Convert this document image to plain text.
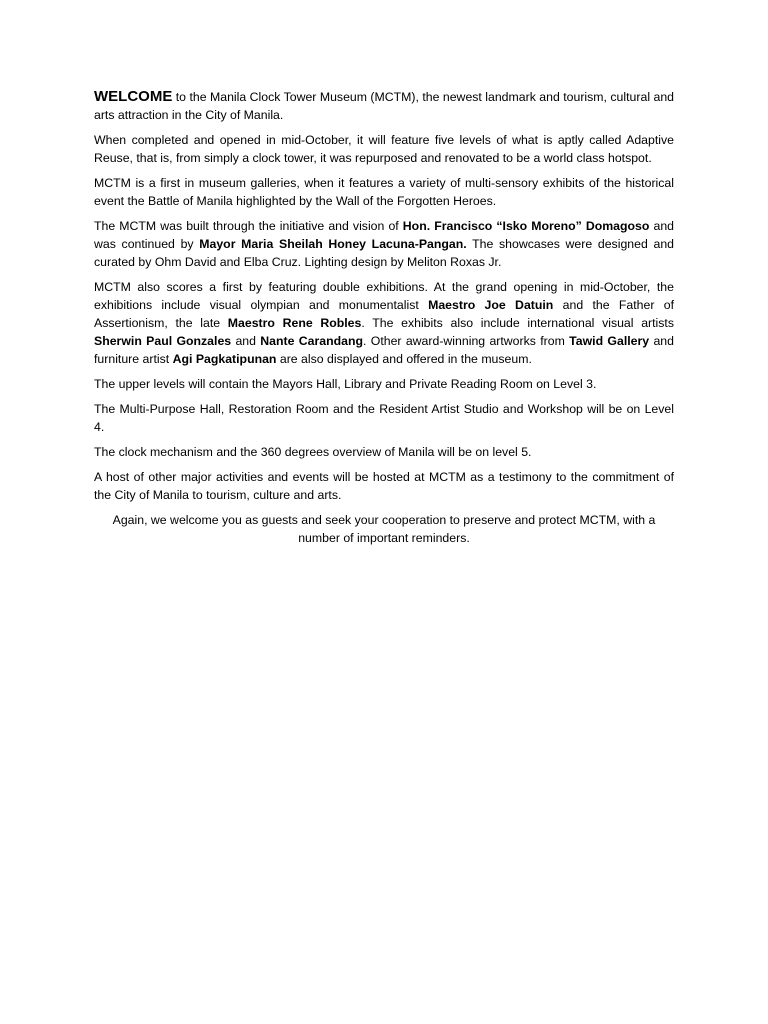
WELCOME to the Manila Clock Tower Museum (MCTM), the newest landmark and tourism, cultural and arts attraction in the City of Manila.

When completed and opened in mid-October, it will feature five levels of what is aptly called Adaptive Reuse, that is, from simply a clock tower, it was repurposed and renovated to be a world class hotspot.

MCTM is a first in museum galleries, when it features a variety of multi-sensory exhibits of the historical event the Battle of Manila highlighted by the Wall of the Forgotten Heroes.

The MCTM was built through the initiative and vision of Hon. Francisco “Isko Moreno” Domagoso and was continued by Mayor Maria Sheilah Honey Lacuna-Pangan. The showcases were designed and curated by Ohm David and Elba Cruz. Lighting design by Meliton Roxas Jr.

MCTM also scores a first by featuring double exhibitions. At the grand opening in mid-October, the exhibitions include visual olympian and monumentalist Maestro Joe Datuin and the Father of Assertionism, the late Maestro Rene Robles. The exhibits also include international visual artists Sherwin Paul Gonzales and Nante Carandang. Other award-winning artworks from Tawid Gallery and furniture artist Agi Pagkatipunan are also displayed and offered in the museum.

The upper levels will contain the Mayors Hall, Library and Private Reading Room on Level 3.

The Multi-Purpose Hall, Restoration Room and the Resident Artist Studio and Workshop will be on Level 4.

The clock mechanism and the 360 degrees overview of Manila will be on level 5.

A host of other major activities and events will be hosted at MCTM as a testimony to the commitment of the City of Manila to tourism, culture and arts.

Again, we welcome you as guests and seek your cooperation to preserve and protect MCTM, with a number of important reminders.
